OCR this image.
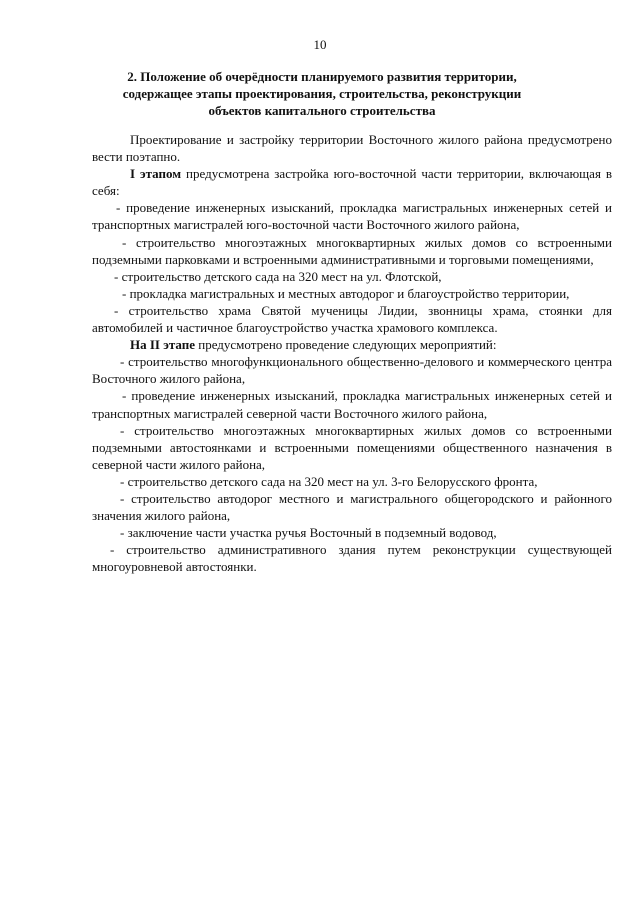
10
2. Положение об очерёдности планируемого развития территории, содержащее этапы проектирования, строительства, реконструкции объектов капитального строительства

Проектирование и застройку территории Восточного жилого района предусмотрено вести поэтапно.

I этапом предусмотрена застройка юго-восточной части территории, включающая в себя:

- проведение инженерных изысканий, прокладка магистральных инженерных сетей и транспортных магистралей юго-восточной части Восточного жилого района,

- строительство многоэтажных многоквартирных жилых домов со встроенными подземными парковками и встроенными административными и торговыми помещениями,

- строительство детского сада на 320 мест на ул. Флотской,

- прокладка магистральных и местных автодорог и благоустройство территории,

- строительство храма Святой мученицы Лидии, звонницы храма, стоянки для автомобилей и частичное благоустройство участка храмового комплекса.

На II этапе предусмотрено проведение следующих мероприятий:

- строительство многофункционального общественно-делового и коммерческого центра Восточного жилого района,

- проведение инженерных изысканий, прокладка магистральных инженерных сетей и транспортных магистралей северной части Восточного жилого района,

- строительство многоэтажных многоквартирных жилых домов со встроенными подземными автостоянками и встроенными помещениями общественного назначения в северной части жилого района,

- строительство детского сада на 320 мест на ул. 3-го Белорусского фронта,

- строительство автодорог местного и магистрального общегородского и районного значения жилого района,

- заключение части участка ручья Восточный в подземный водовод,

- строительство административного здания путем реконструкции существующей многоуровневой автостоянки.
